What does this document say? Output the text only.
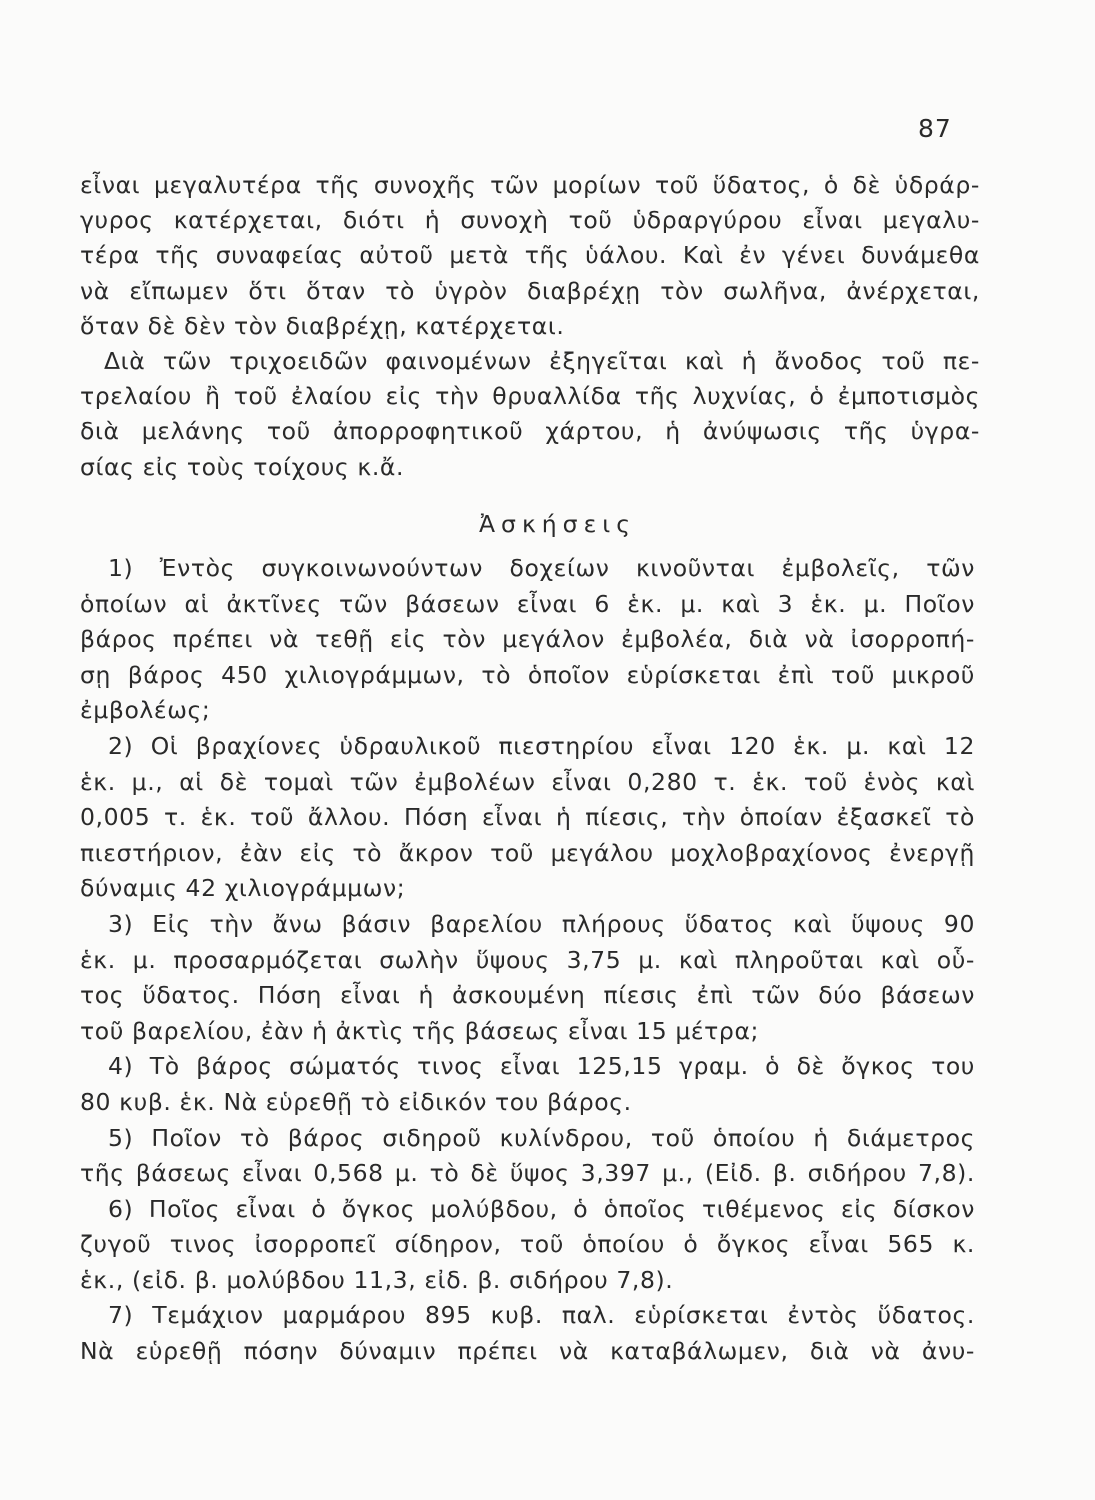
87
εἶναι μεγαλυτέρα τῆς συνοχῆς τῶν μορίων τοῦ ὕδατος, ὁ δὲ ὑδράρ-
γυρος κατέρχεται, διότι ἡ συνοχὴ τοῦ ὑδραργύρου εἶναι μεγαλυ-
τέρα τῆς συναφείας αὐτοῦ μετὰ τῆς ὑάλου. Καὶ ἐν γένει δυνάμεθα
νὰ εἴπωμεν ὅτι ὅταν τὸ ὑγρὸν διαβρέχῃ τὸν σωλῆνα, ἀνέρχεται,
ὅταν δὲ δὲν τὸν διαβρέχῃ, κατέρχεται.
Διὰ τῶν τριχοειδῶν φαινομένων ἐξηγεῖται καὶ ἡ ἄνοδος τοῦ πε-
τρελαίου ἢ τοῦ ἐλαίου εἰς τὴν θρυαλλίδα τῆς λυχνίας, ὁ ἐμποτισμὸς
διὰ μελάνης τοῦ ἀπορροφητικοῦ χάρτου, ἡ ἀνύψωσις τῆς ὑγρα-
σίας εἰς τοὺς τοίχους κ.ἄ.
Ἀσκήσεις
1) Ἐντὸς συγκοινωνούντων δοχείων κινοῦνται ἐμβολεῖς, τῶν
ὁποίων αἱ ἀκτῖνες τῶν βάσεων εἶναι 6 ἑκ. μ. καὶ 3 ἑκ. μ. Ποῖον
βάρος πρέπει νὰ τεθῇ εἰς τὸν μεγάλον ἐμβολέα, διὰ νὰ ἰσορροπή-
σῃ βάρος 450 χιλιογράμμων, τὸ ὁποῖον εὑρίσκεται ἐπὶ τοῦ μικροῦ
ἐμβολέως;
2) Οἱ βραχίονες ὑδραυλικοῦ πιεστηρίου εἶναι 120 ἑκ. μ. καὶ 12
ἑκ. μ., αἱ δὲ τομαὶ τῶν ἐμβολέων εἶναι 0,280 τ. ἑκ. τοῦ ἑνὸς καὶ
0,005 τ. ἑκ. τοῦ ἄλλου. Πόση εἶναι ἡ πίεσις, τὴν ὁποίαν ἐξασκεῖ τὸ
πιεστήριον, ἐὰν εἰς τὸ ἄκρον τοῦ μεγάλου μοχλοβραχίονος ἐνεργῇ
δύναμις 42 χιλιογράμμων;
3) Εἰς τὴν ἄνω βάσιν βαρελίου πλήρους ὕδατος καὶ ὕψους 90
ἑκ. μ. προσαρμόζεται σωλὴν ὕψους 3,75 μ. καὶ πληροῦται καὶ οὗ-
τος ὕδατος. Πόση εἶναι ἡ ἀσκουμένη πίεσις ἐπὶ τῶν δύο βάσεων
τοῦ βαρελίου, ἐὰν ἡ ἀκτὶς τῆς βάσεως εἶναι 15 μέτρα;
4) Τὸ βάρος σώματός τινος εἶναι 125,15 γραμ. ὁ δὲ ὄγκος του
80 κυβ. ἑκ. Νὰ εὑρεθῇ τὸ εἰδικόν του βάρος.
5) Ποῖον τὸ βάρος σιδηροῦ κυλίνδρου, τοῦ ὁποίου ἡ διάμετρος
τῆς βάσεως εἶναι 0,568 μ. τὸ δὲ ὕψος 3,397 μ., (Εἰδ. β. σιδήρου 7,8).
6) Ποῖος εἶναι ὁ ὄγκος μολύβδου, ὁ ὁποῖος τιθέμενος εἰς δίσκον
ζυγοῦ τινος ἰσορροπεῖ σίδηρον, τοῦ ὁποίου ὁ ὄγκος εἶναι 565 κ.
ἑκ., (εἰδ. β. μολύβδου 11,3, εἰδ. β. σιδήρου 7,8).
7) Τεμάχιον μαρμάρου 895 κυβ. παλ. εὑρίσκεται ἐντὸς ὕδατος.
Νὰ εὑρεθῇ πόσην δύναμιν πρέπει νὰ καταβάλωμεν, διὰ νὰ ἀνυ-
